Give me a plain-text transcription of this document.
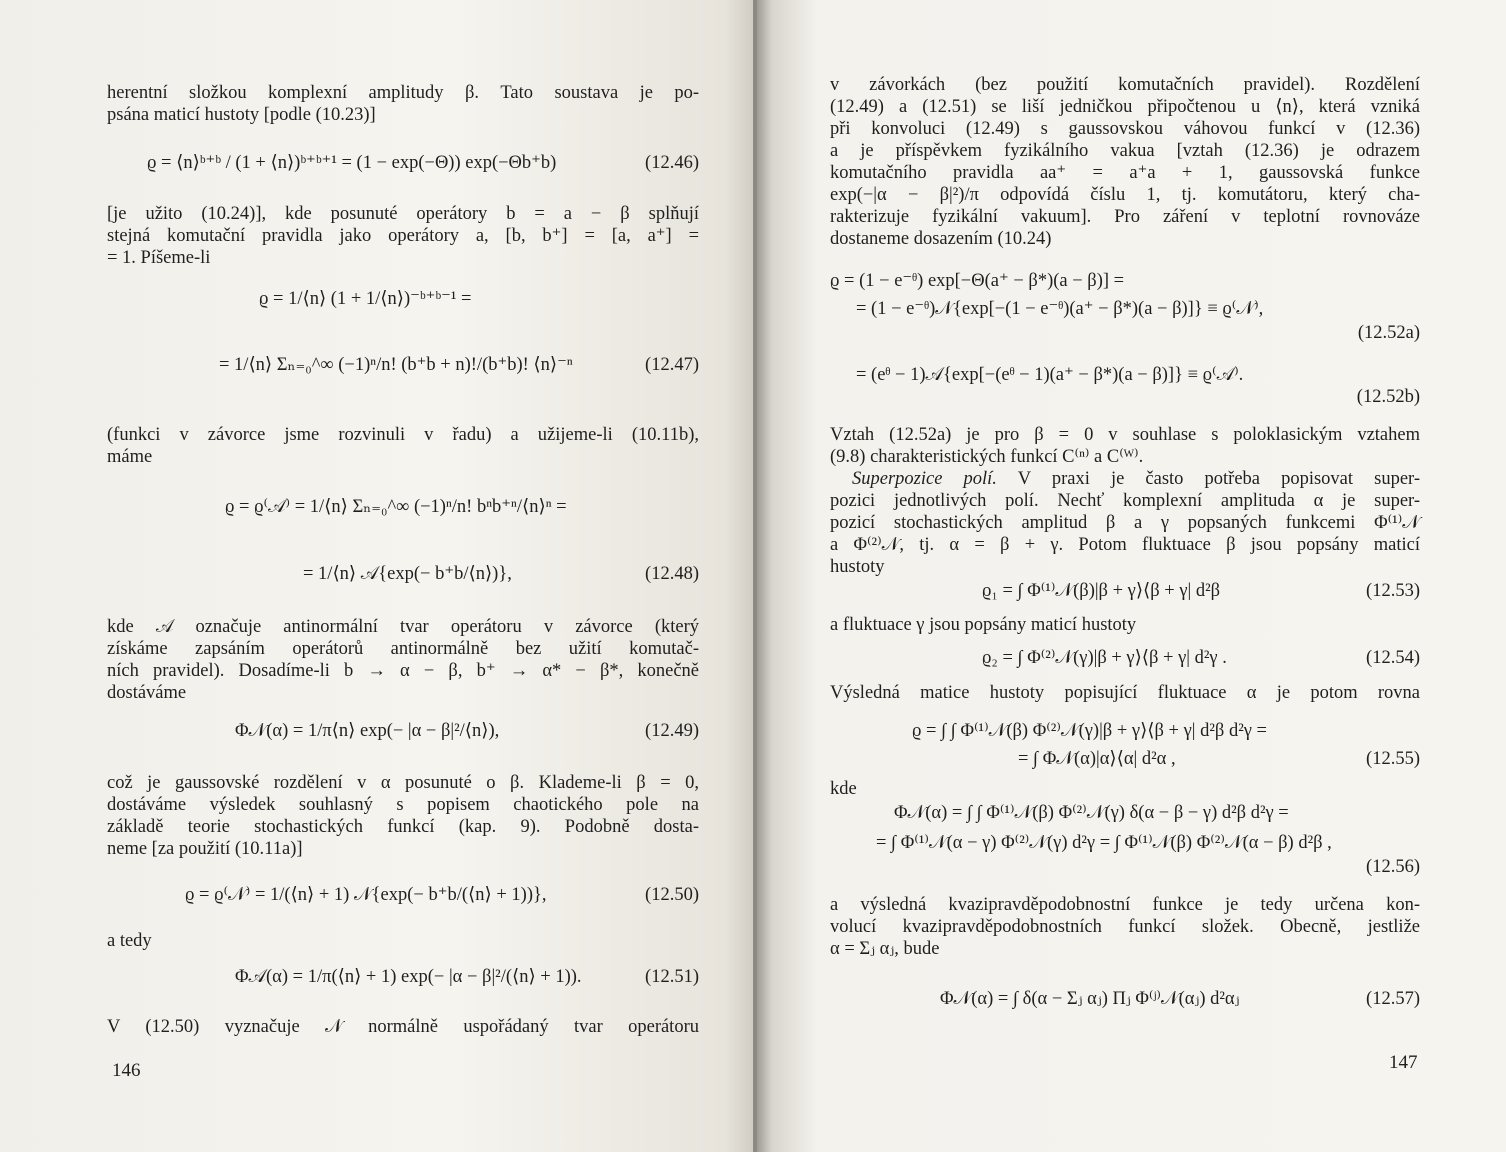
herentní složkou komplexní amplitudy β. Tato soustava je po-
psána maticí hustoty [podle (10.23)]
ϱ = ⟨n⟩ᵇ⁺ᵇ / (1 + ⟨n⟩)ᵇ⁺ᵇ⁺¹ = (1 − exp(−Θ)) exp(−Θb⁺b)	(12.46)
[je užito (10.24)], kde posunuté operátory b = a − β splňují
stejná komutační pravidla jako operátory a, [b, b⁺] = [a, a⁺] =
= 1. Píšeme-li
ϱ = 1/⟨n⟩ (1 + 1/⟨n⟩)⁻ᵇ⁺ᵇ⁻¹ =
= 1/⟨n⟩ Σₙ₌₀^∞ (−1)ⁿ/n! (b⁺b + n)!/(b⁺b)! ⟨n⟩⁻ⁿ	(12.47)
(funkci v závorce jsme rozvinuli v řadu) a užijeme-li (10.11b),
máme
ϱ = ϱ⁽𝒜⁾ = 1/⟨n⟩ Σₙ₌₀^∞ (−1)ⁿ/n! bⁿb⁺ⁿ/⟨n⟩ⁿ =
= 1/⟨n⟩ 𝒜{exp(− b⁺b/⟨n⟩)},	(12.48)
kde 𝒜 označuje antinormální tvar operátoru v závorce (který
získáme zapsáním operátorů antinormálně bez užití komutač-
ních pravidel). Dosadíme-li b → α − β, b⁺ → α* − β*, konečně
dostáváme
Φ𝒩(α) = 1/π⟨n⟩ exp(− |α − β|²/⟨n⟩),	(12.49)
což je gaussovské rozdělení v α posunuté o β. Klademe-li β = 0,
dostáváme výsledek souhlasný s popisem chaotického pole na
základě teorie stochastických funkcí (kap. 9). Podobně dosta-
neme [za použití (10.11a)]
ϱ = ϱ⁽𝒩⁾ = 1/(⟨n⟩ + 1) 𝒩{exp(− b⁺b/(⟨n⟩ + 1))},	(12.50)
a tedy
Φ𝒜(α) = 1/π(⟨n⟩ + 1) exp(− |α − β|²/(⟨n⟩ + 1)).	(12.51)
V (12.50) vyznačuje 𝒩 normálně uspořádaný tvar operátoru
146
v závorkách (bez použití komutačních pravidel). Rozdělení
(12.49) a (12.51) se liší jedničkou připočtenou u ⟨n⟩, která vzniká
při konvoluci (12.49) s gaussovskou váhovou funkcí v (12.36)
a je příspěvkem fyzikálního vakua [vztah (12.36) je odrazem
komutačního pravidla aa⁺ = a⁺a + 1, gaussovská funkce
exp(−|α − β|²)/π odpovídá číslu 1, tj. komutátoru, který cha-
rakterizuje fyzikální vakuum]. Pro záření v teplotní rovnováze
dostaneme dosazením (10.24)
ϱ = (1 − e⁻ᶿ) exp[−Θ(a⁺ − β*)(a − β)] =
= (1 − e⁻ᶿ)𝒩{exp[−(1 − e⁻ᶿ)(a⁺ − β*)(a − β)]} ≡ ϱ⁽𝒩⁾,
(12.52a)
= (eᶿ − 1)𝒜{exp[−(eᶿ − 1)(a⁺ − β*)(a − β)]} ≡ ϱ⁽𝒜⁾.
(12.52b)
Vztah (12.52a) je pro β = 0 v souhlase s poloklasickým vztahem
(9.8) charakteristických funkcí C⁽ⁿ⁾ a C⁽ᵂ⁾.
Superpozice polí. V praxi je často potřeba popisovat super-
pozici jednotlivých polí. Nechť komplexní amplituda α je super-
pozicí stochastických amplitud β a γ popsaných funkcemi Φ⁽¹⁾𝒩
a Φ⁽²⁾𝒩, tj. α = β + γ. Potom fluktuace β jsou popsány maticí
hustoty
ϱ₁ = ∫ Φ⁽¹⁾𝒩(β)|β + γ⟩⟨β + γ| d²β	(12.53)
a fluktuace γ jsou popsány maticí hustoty
ϱ₂ = ∫ Φ⁽²⁾𝒩(γ)|β + γ⟩⟨β + γ| d²γ .	(12.54)
Výsledná matice hustoty popisující fluktuace α je potom rovna
ϱ = ∫ ∫ Φ⁽¹⁾𝒩(β) Φ⁽²⁾𝒩(γ)|β + γ⟩⟨β + γ| d²β d²γ =
= ∫ Φ𝒩(α)|α⟩⟨α| d²α ,	(12.55)
kde
Φ𝒩(α) = ∫ ∫ Φ⁽¹⁾𝒩(β) Φ⁽²⁾𝒩(γ) δ(α − β − γ) d²β d²γ =
= ∫ Φ⁽¹⁾𝒩(α − γ) Φ⁽²⁾𝒩(γ) d²γ = ∫ Φ⁽¹⁾𝒩(β) Φ⁽²⁾𝒩(α − β) d²β ,
(12.56)
a výsledná kvazipravděpodobnostní funkce je tedy určena kon-
volucí kvazipravděpodobnostních funkcí složek. Obecně, jestliže
α = Σⱼ αⱼ, bude
Φ𝒩(α) = ∫ δ(α − Σⱼ αⱼ) Πⱼ Φ⁽ʲ⁾𝒩(αⱼ) d²αⱼ	(12.57)
147
